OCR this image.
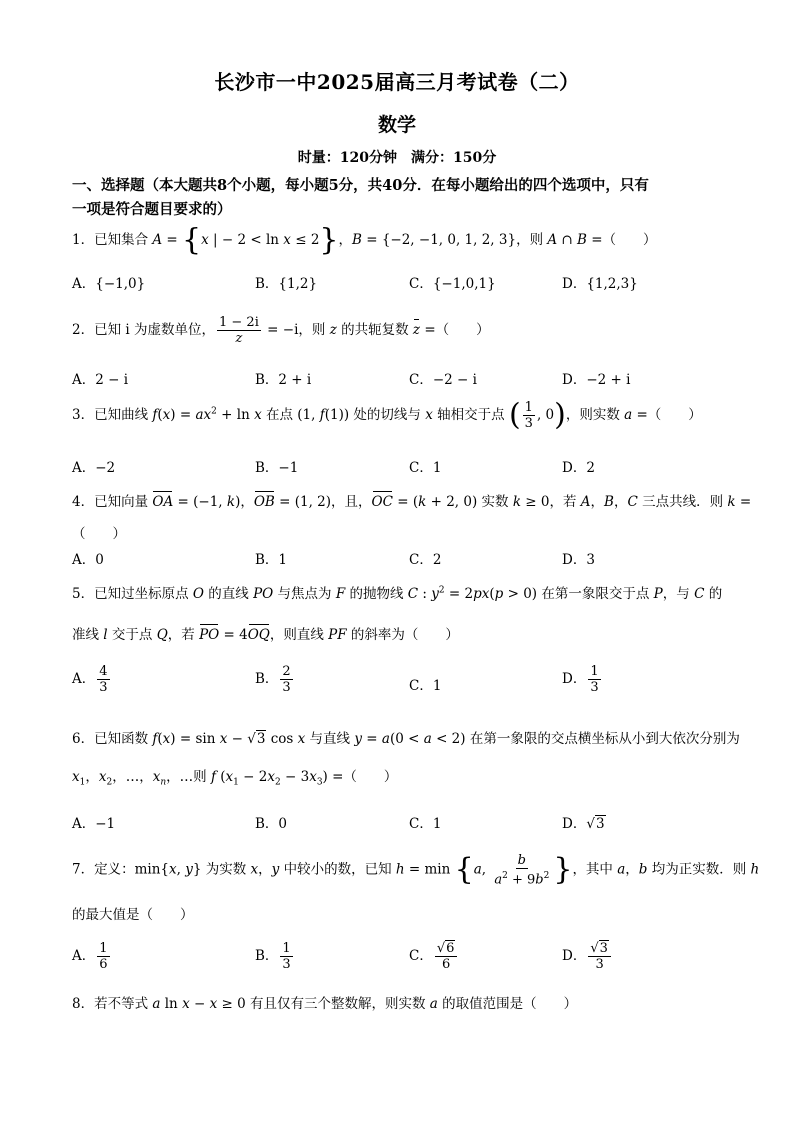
长沙市一中2025届高三月考试卷（二）
数学
时量：120分钟　满分：150分
一、选择题（本大题共8个小题，每小题5分，共40分．在每小题给出的四个选项中，只有
一项是符合题目要求的）
1．已知集合 A = {x | − 2 < ln x ≤ 2}，B = {−2, −1, 0, 1, 2, 3}，则 A ∩ B =（　　）
A．{−1,0}	B．{1,2}	C．{−1,0,1}	D．{1,2,3}
2．已知 i 为虚数单位， $\frac{1 - 2i}{z} = -i$，则 z 的共轭复数 z =（　　）
A．2 − i	B．2 + i	C．−2 − i	D．−2 + i
3．已知曲线 $f(x) = ax^2 + \ln x$ 在点 (1, f(1)) 处的切线与 x 轴相交于点 ( $\frac{1}{3}$ , 0)，则实数 a =（　　）
A．−2	B．−1	C．1	D．2
4．已知向量 OA = (−1, k)，OB = (1, 2)，且，OC = (k + 2, 0) 实数 k ≥ 0，若 A，B，C 三点共线．则 k =
（　　）
A．0	B．1	C．2	D．3
5．已知过坐标原点 O 的直线 PO 与焦点为 F 的抛物线 C : $y^2 = 2px(p > 0)$ 在第一象限交于点 P，与 C 的
准线 l 交于点 Q，若 PO = 4OQ，则直线 PF 的斜率为（　　）
A． $\frac{4}{3}$	B． $\frac{2}{3}$	C．1	D． $\frac{1}{3}$
6．已知函数 f(x) = sin x − √3 cos x 与直线 y = a(0 < a < 2) 在第一象限的交点横坐标从小到大依次分别为
$x_1$，$x_2$，…，$x_n$，…则 f $(x_1 - 2x_2 - 3x_3)$ =（　　）
A．−1	B．0	C．1	D．√3
7．定义：min{x, y} 为实数 x，y 中较小的数，已知 h = min {a, $\frac{b}{a^2 + 9b^2}$ }，其中 a，b 均为正实数．则 h
的最大值是（　　）
A． $\frac{1}{6}$	B． $\frac{1}{3}$	C． $\frac{√6}{6}$	D． $\frac{√3}{3}$
8．若不等式 a ln x − x ≥ 0 有且仅有三个整数解，则实数 a 的取值范围是（　　）
